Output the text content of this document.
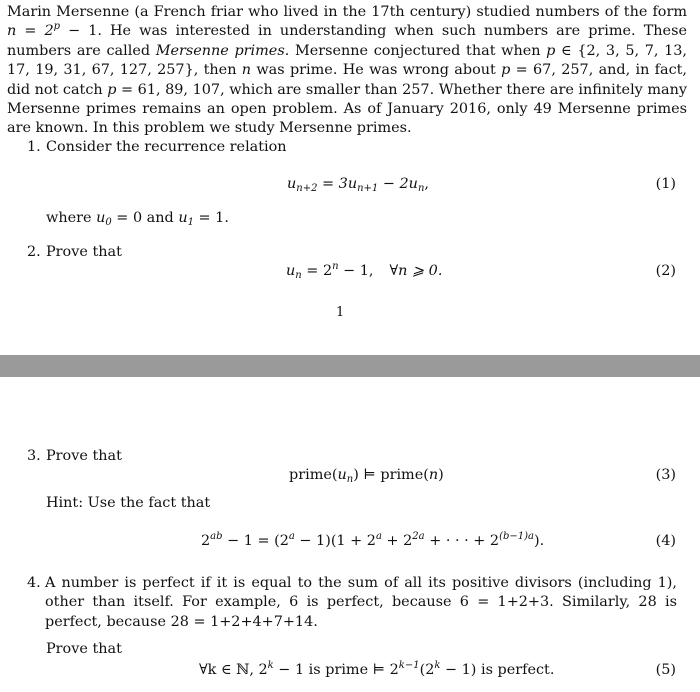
Marin Mersenne (a French friar who lived in the 17th century) studied numbers of the form $n = 2^p - 1$. He was interested in understanding when such numbers are prime. These numbers are called Mersenne primes. Mersenne conjectured that when p ∈ {2, 3, 5, 7, 13, 17, 19, 31, 67, 127, 257}, then n was prime. He was wrong about p = 67, 257, and, in fact, did not catch p = 61, 89, 107, which are smaller than 257. Whether there are infinitely many Mersenne primes remains an open problem. As of January 2016, only 49 Mersenne primes are known. In this problem we study Mersenne primes.
1. Consider the recurrence relation
$u_{n+2} = 3u_{n+1} - 2u_n$,	(1)
where $u_0 = 0$ and $u_1 = 1$.
2. Prove that
$u_n = 2^n - 1$, ∀n ⩾ 0.	(2)
1
3. Prove that
$prime(u_n)$ ⊨ prime(n)	(3)
Hint: Use the fact that
$2^{ab} - 1 = (2^a - 1)(1 + 2^a + 2^{2a}$ + · · · + $2^{(b-1)a}$).	(4)
4. A number is perfect if it is equal to the sum of all its positive divisors (including 1), other than itself. For example, 6 is perfect, because 6 = 1+2+3. Similarly, 28 is perfect, because 28 = 1+2+4+7+14.
Prove that
∀k ∈ ℕ, $2^k - 1$ is prime ⊨ $2^{k-1}(2^k - 1)$ is perfect.	(5)
